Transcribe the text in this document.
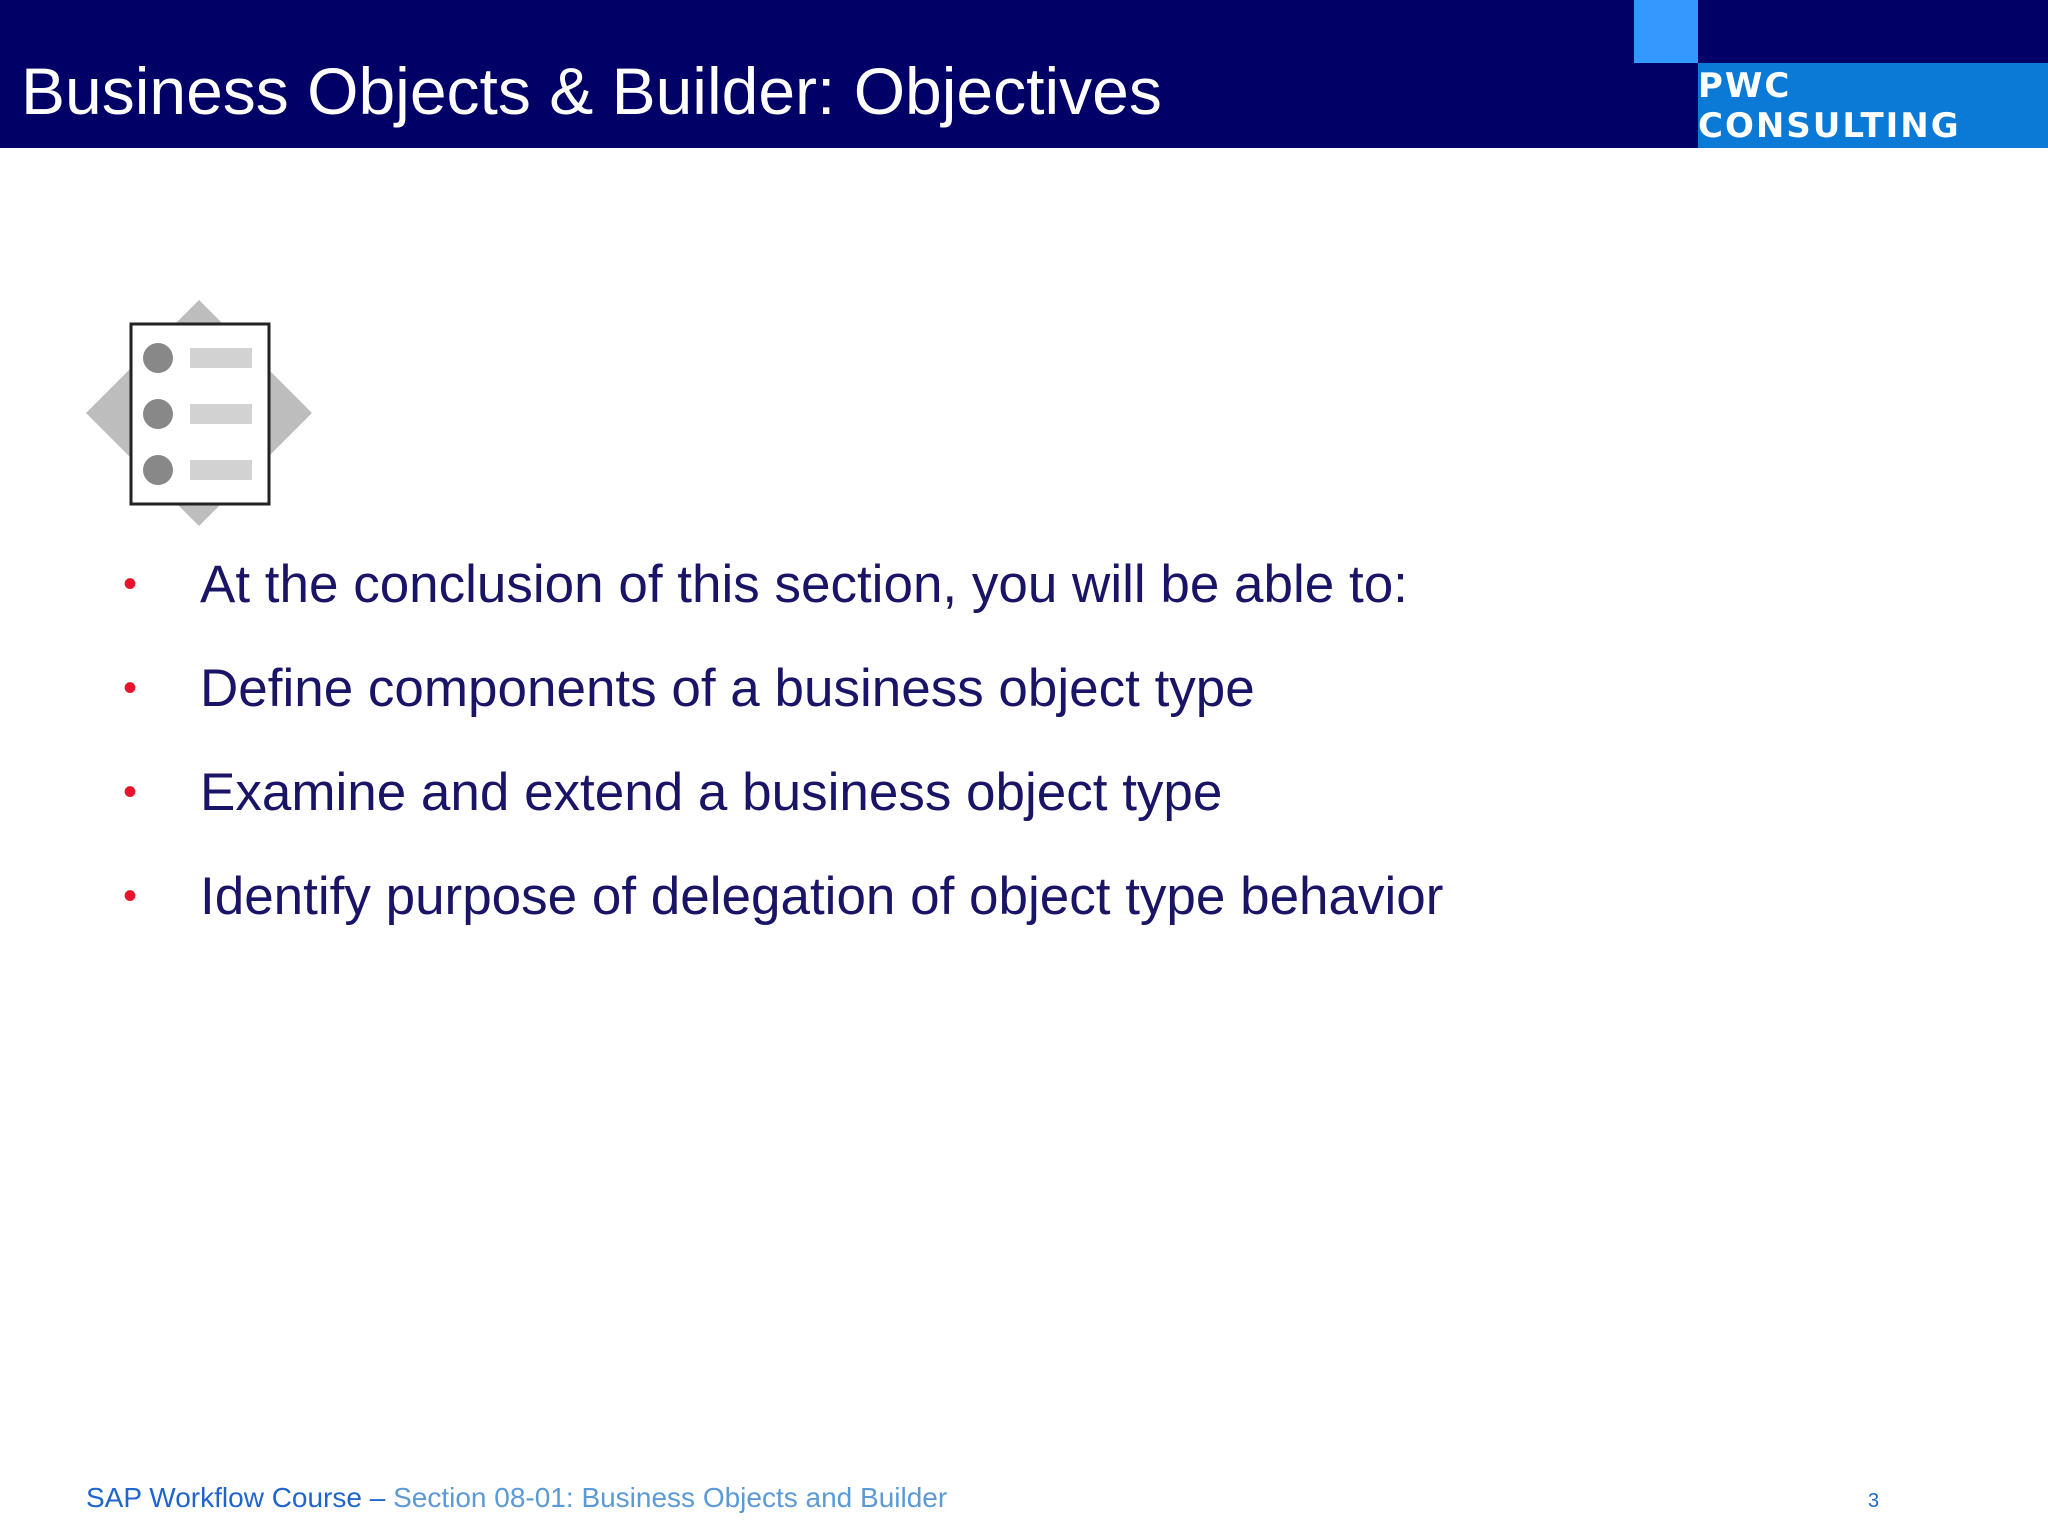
PWC CONSULTING
Business Objects & Builder: Objectives
• At the conclusion of this section, you will be able to:
• Define components of a business object type
• Examine and extend a business object type
• Identify purpose of delegation of object type behavior
SAP Workflow Course – Section 08-01: Business Objects and Builder	3
